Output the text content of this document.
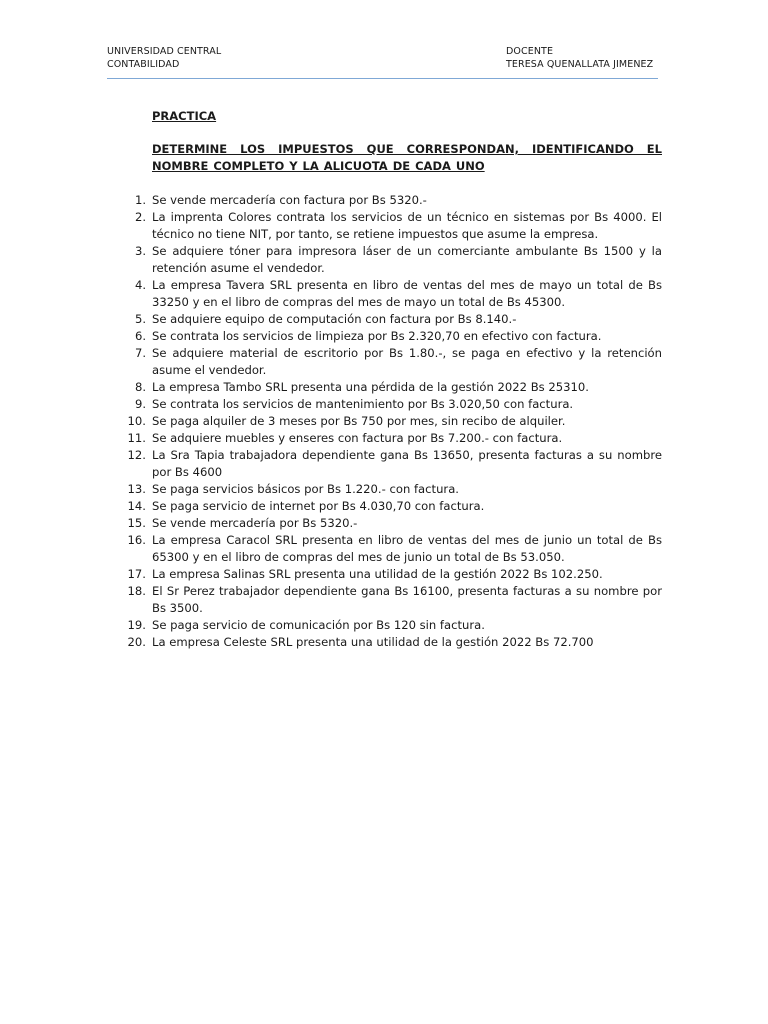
UNIVERSIDAD CENTRAL
CONTABILIDAD
DOCENTE
TERESA QUENALLATA JIMENEZ

PRACTICA

DETERMINE LOS IMPUESTOS QUE CORRESPONDAN, IDENTIFICANDO EL NOMBRE COMPLETO Y LA ALICUOTA DE CADA UNO
1. Se vende mercadería con factura por Bs 5320.-
2. La imprenta Colores contrata los servicios de un técnico en sistemas por Bs 4000. El técnico no tiene NIT, por tanto, se retiene impuestos que asume la empresa.
3. Se adquiere tóner para impresora láser de un comerciante ambulante Bs 1500 y la retención asume el vendedor.
4. La empresa Tavera SRL presenta en libro de ventas del mes de mayo un total de Bs 33250 y en el libro de compras del mes de mayo un total de Bs 45300.
5. Se adquiere equipo de computación con factura por Bs 8.140.-
6. Se contrata los servicios de limpieza por Bs 2.320,70 en efectivo con factura.
7. Se adquiere material de escritorio por Bs 1.80.-, se paga en efectivo y la retención asume el vendedor.
8. La empresa Tambo SRL presenta una pérdida de la gestión 2022 Bs 25310.
9. Se contrata los servicios de mantenimiento por Bs 3.020,50 con factura.
10. Se paga alquiler de 3 meses por Bs 750 por mes, sin recibo de alquiler.
11. Se adquiere muebles y enseres con factura por Bs 7.200.- con factura.
12. La Sra Tapia trabajadora dependiente gana Bs 13650, presenta facturas a su nombre por Bs 4600
13. Se paga servicios básicos por Bs 1.220.- con factura.
14. Se paga servicio de internet por Bs 4.030,70 con factura.
15. Se vende mercadería por Bs 5320.-
16. La empresa Caracol SRL presenta en libro de ventas del mes de junio un total de Bs 65300 y en el libro de compras del mes de junio un total de Bs 53.050.
17. La empresa Salinas SRL presenta una utilidad de la gestión 2022 Bs 102.250.
18. El Sr Perez trabajador dependiente gana Bs 16100, presenta facturas a su nombre por Bs 3500.
19. Se paga servicio de comunicación por Bs 120 sin factura.
20. La empresa Celeste SRL presenta una utilidad de la gestión 2022 Bs 72.700
